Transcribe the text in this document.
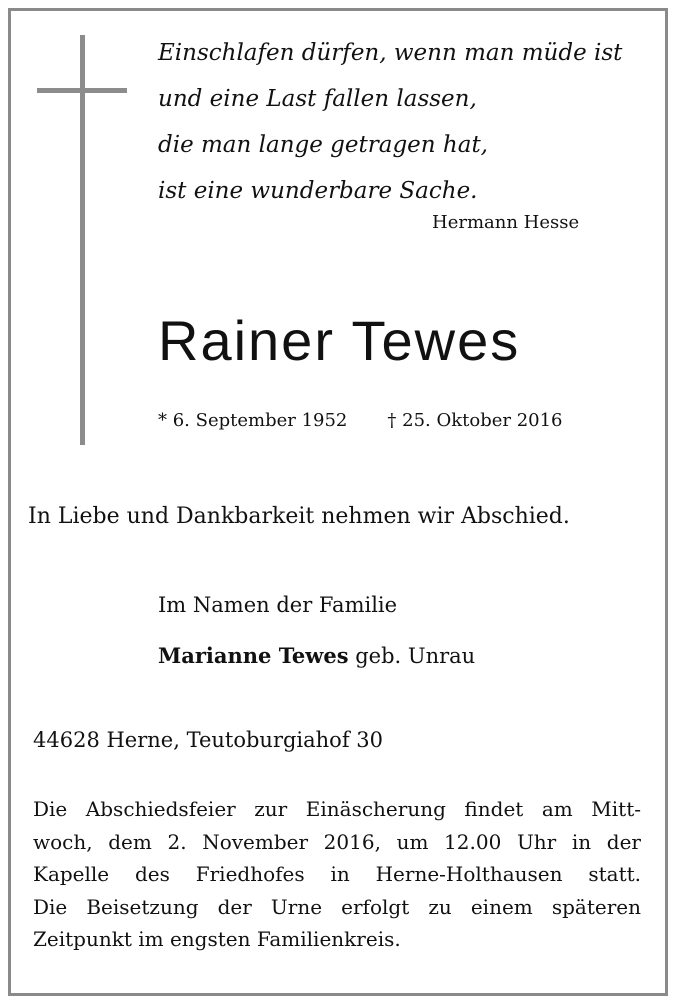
Einschlafen dürfen, wenn man müde ist
und eine Last fallen lassen,
die man lange getragen hat,
ist eine wunderbare Sache.
Hermann Hesse
Rainer Tewes
* 6. September 1952 † 25. Oktober 2016
In Liebe und Dankbarkeit nehmen wir Abschied.
Im Namen der Familie
Marianne Tewes geb. Unrau
44628 Herne, Teutoburgiahof 30
Die Abschiedsfeier zur Einäscherung findet am Mitt-
woch, dem 2. November 2016, um 12.00 Uhr in der
Kapelle des Friedhofes in Herne-Holthausen statt.
Die Beisetzung der Urne erfolgt zu einem späteren
Zeitpunkt im engsten Familienkreis.
